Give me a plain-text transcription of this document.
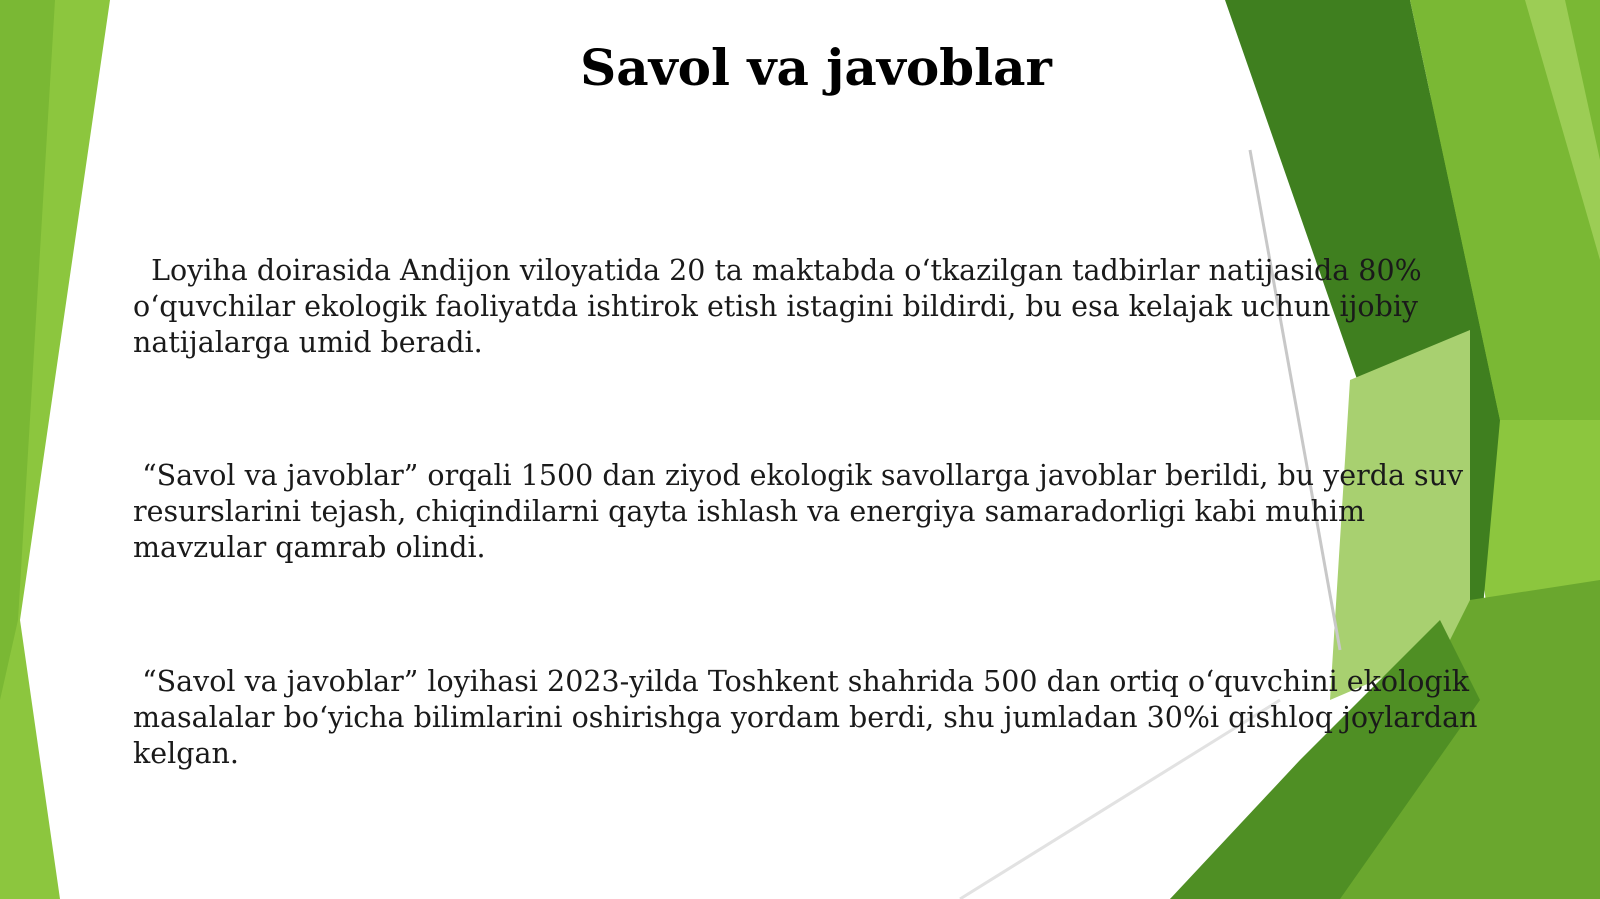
Savol va javoblar

Loyiha doirasida Andijon viloyatida 20 ta maktabda o‘tkazilgan tadbirlar natijasida 80% o‘quvchilar ekologik faoliyatda ishtirok etish istagini bildirdi, bu esa kelajak uchun ijobiy natijalarga umid beradi.

“Savol va javoblar” orqali 1500 dan ziyod ekologik savollarga javoblar berildi, bu yerda suv resurslarini tejash, chiqindilarni qayta ishlash va energiya samaradorligi kabi muhim mavzular qamrab olindi.

“Savol va javoblar” loyihasi 2023-yilda Toshkent shahrida 500 dan ortiq o‘quvchini ekologik masalalar bo‘yicha bilimlarini oshirishga yordam berdi, shu jumladan 30%i qishloq joylardan kelgan.
